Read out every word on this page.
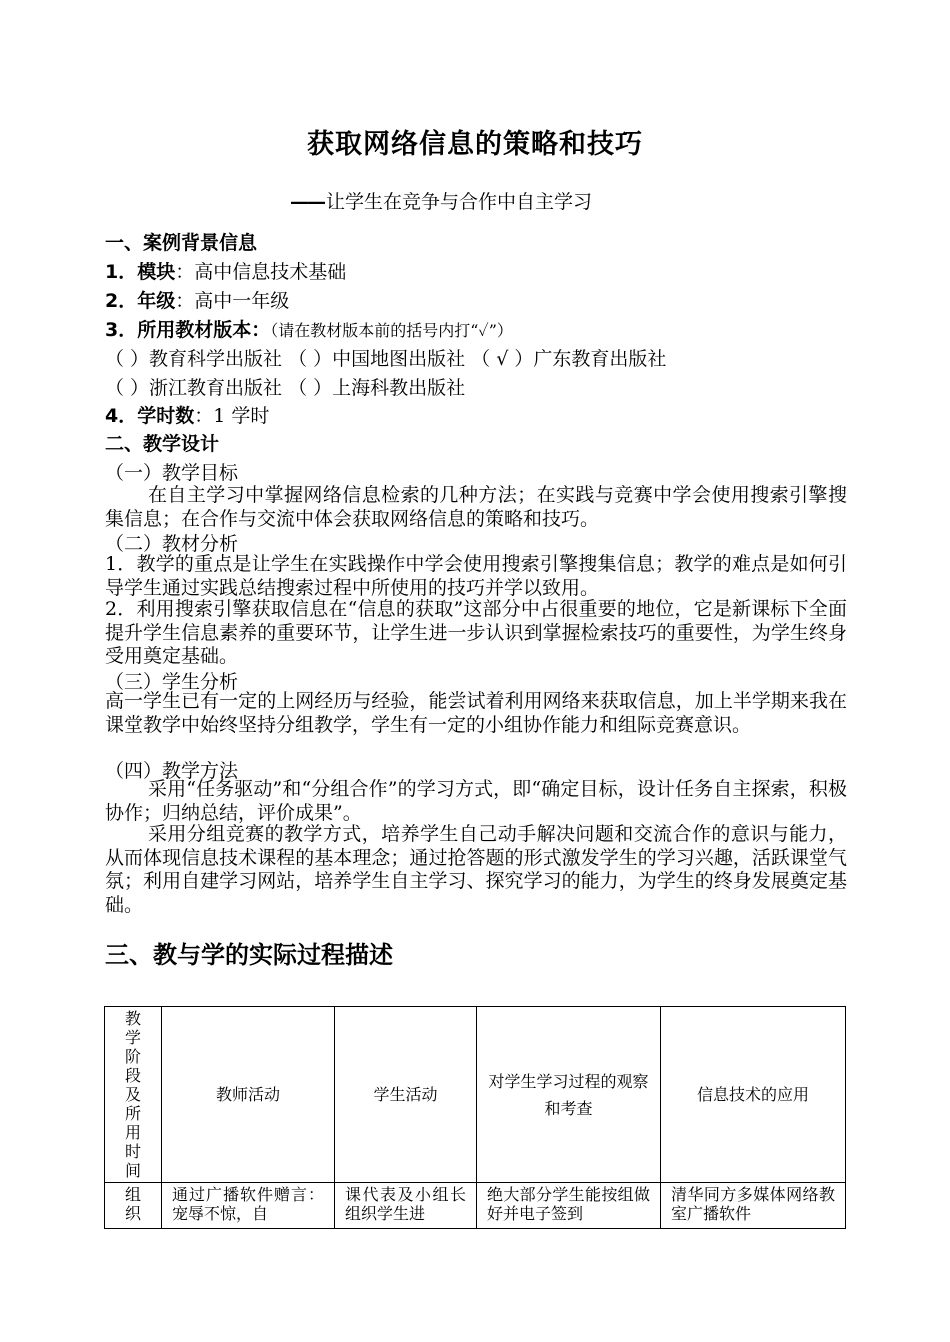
获取网络信息的策略和技巧
—— 让学生在竞争与合作中自主学习
一、案例背景信息
1．模块：高中信息技术基础
2．年级：高中一年级
3．所用教材版本：（请在教材版本前的括号内打“✓”）
（ ）教育科学出版社 （ ）中国地图出版社 （ √ ）广东教育出版社
（ ）浙江教育出版社 （ ）上海科教出版社
4．学时数：1 学时
二、教学设计
（一）教学目标
在自主学习中掌握网络信息检索的几种方法；在实践与竞赛中学会使用搜索引擎搜集信息；在合作与交流中体会获取网络信息的策略和技巧。
（二）教材分析
1．教学的重点是让学生在实践操作中学会使用搜索引擎搜集信息；教学的难点是如何引导学生通过实践总结搜索过程中所使用的技巧并学以致用。
2．利用搜索引擎获取信息在“信息的获取”这部分中占很重要的地位，它是新课标下全面提升学生信息素养的重要环节，让学生进一步认识到掌握检索技巧的重要性，为学生终身受用奠定基础。
（三）学生分析
高一学生已有一定的上网经历与经验，能尝试着利用网络来获取信息，加上半学期来我在课堂教学中始终坚持分组教学，学生有一定的小组协作能力和组际竞赛意识。
（四）教学方法
采用“任务驱动”和“分组合作”的学习方式，即“确定目标，设计任务自主探索，积极协作；归纳总结，评价成果”。
采用分组竞赛的教学方式，培养学生自己动手解决问题和交流合作的意识与能力，从而体现信息技术课程的基本理念；通过抢答题的形式激发学生的学习兴趣，活跃课堂气氛；利用自建学习网站，培养学生自主学习、探究学习的能力，为学生的终身发展奠定基础。
三、教与学的实际过程描述
教学阶段及所用时间	教师活动	学生活动	对学生学习过程的观察和考查	信息技术的应用

组织	通过广播软件赠言：宠辱不惊，自	课代表及小组长组织学生进	绝大部分学生能按组做好并电子签到	清华同方多媒体网络教室广播软件
